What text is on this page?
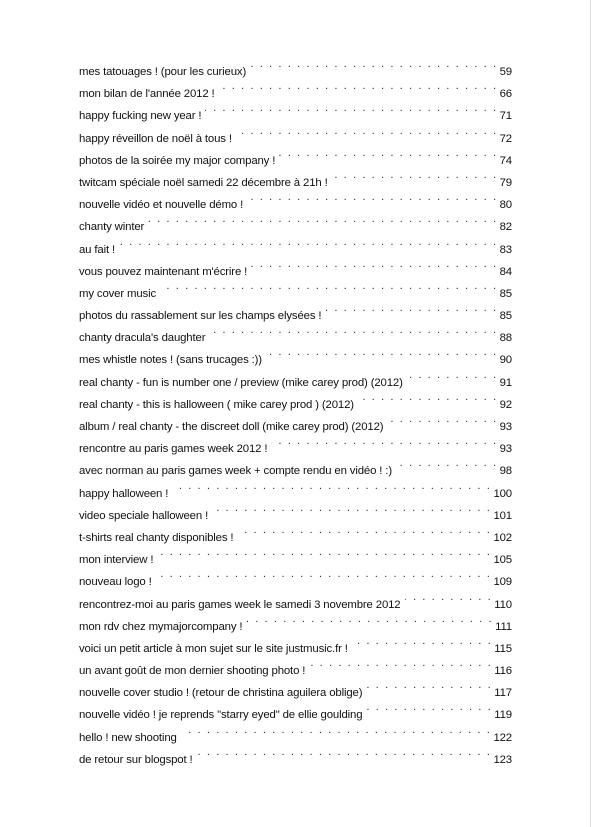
mes tatouages ! (pour les curieux) . . .	59
mon bilan de l'année 2012 ! . . .	66
happy fucking new year ! . . .	71
happy réveillon de noël à tous ! . . .	72
photos de la soirée my major company ! . . .	74
twitcam spéciale noël samedi 22 décembre à 21h ! . . .	79
nouvelle vidéo et nouvelle démo ! . . .	80
chanty winter . . .	82
au fait ! . . .	83
vous pouvez maintenant m'écrire ! . . .	84
my cover music . . .	85
photos du rassablement sur les champs elysées ! . . .	85
chanty dracula's daughter . . .	88
mes whistle notes ! (sans trucages :)) . . .	90
real chanty - fun is number one / preview (mike carey prod) (2012) . . .	91
real chanty - this is halloween ( mike carey prod ) (2012) . . .	92
album / real chanty - the discreet doll (mike carey prod) (2012) . . .	93
rencontre au paris games week 2012 ! . . .	93
avec norman au paris games week + compte rendu en vidéo ! :) . . .	98
happy halloween ! . . .	100
video speciale halloween ! . . .	101
t-shirts real chanty disponibles ! . . .	102
mon interview ! . . .	105
nouveau logo ! . . .	109
rencontrez-moi au paris games week le samedi 3 novembre 2012 . . .	110
mon rdv chez mymajorcompany ! . . .	111
voici un petit article à mon sujet sur le site justmusic.fr ! . . .	115
un avant goût de mon dernier shooting photo ! . . .	116
nouvelle cover studio ! (retour de christina aguilera oblige) . . .	117
nouvelle vidéo ! je reprends "starry eyed" de ellie goulding . . .	119
hello ! new shooting . . .	122
de retour sur blogspot ! . . .	123
